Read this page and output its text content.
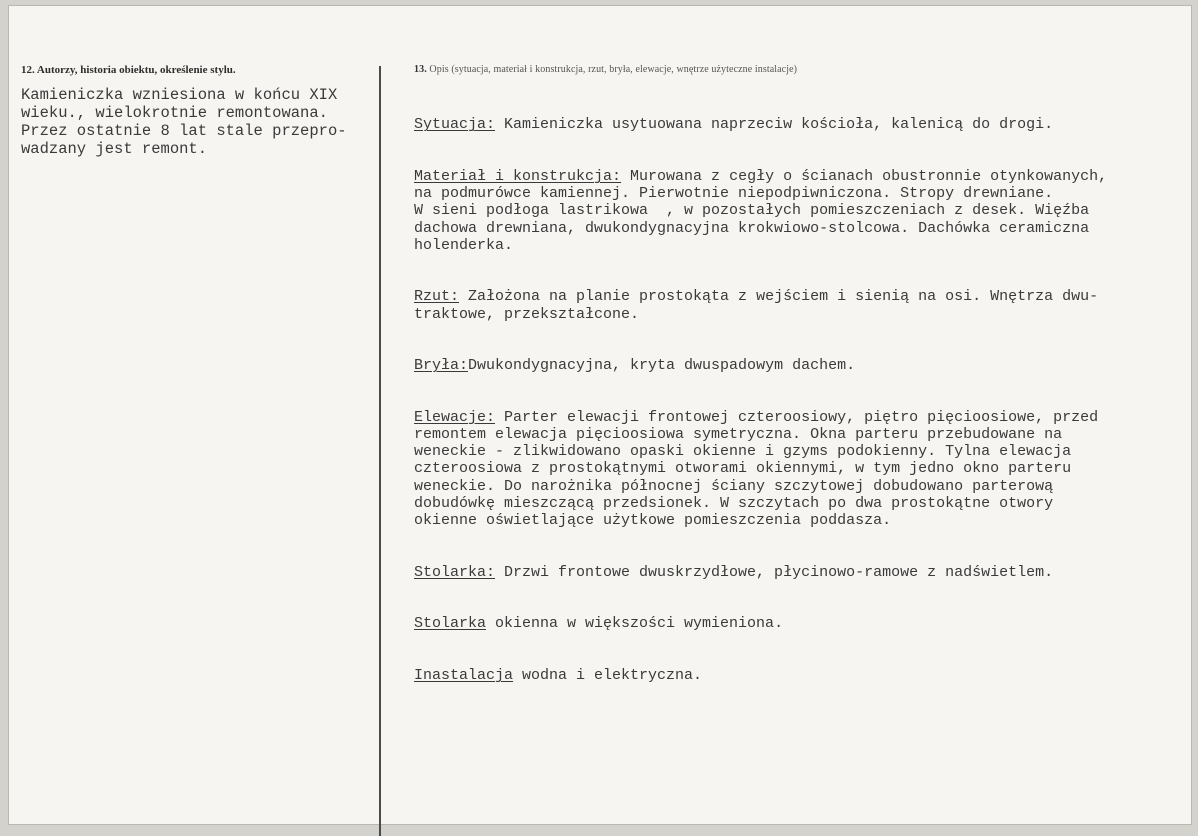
12. Autorzy, historia obiektu, określenie stylu.
Kamieniczka wzniesiona w końcu XIX
wieku., wielokrotnie remontowana.
Przez ostatnie 8 lat stale przepro-
wadzany jest remont.
13. Opis (sytuacja, materiał i konstrukcja, rzut, bryła, elewacje, wnętrze użyteczne instalacje)

Sytuacja: Kamieniczka usytuowana naprzeciw kościoła, kalenicą do drogi.

Materiał i konstrukcja: Murowana z cegły o ścianach obustronnie otynkowanych,
na podmurówce kamiennej. Pierwotnie niepodpiwniczona. Stropy drewniane.
W sieni podłoga lastrikowa  , w pozostałych pomieszczeniach z desek. Więźba
dachowa drewniana, dwukondygnacyjna krokwiowo-stolcowa. Dachówka ceramiczna
holenderka.

Rzut: Założona na planie prostokąta z wejściem i sienią na osi. Wnętrza dwu-
traktowe, przekształcone.

Bryła:Dwukondygnacyjna, kryta dwuspadowym dachem.

Elewacje: Parter elewacji frontowej czteroosiowy, piętro pięcioosiowe, przed
remontem elewacja pięcioosiowa symetryczna. Okna parteru przebudowane na
weneckie - zlikwidowano opaski okienne i gzyms podokienny. Tylna elewacja
czteroosiowa z prostokątnymi otworami okiennymi, w tym jedno okno parteru
weneckie. Do narożnika północnej ściany szczytowej dobudowano parterową
dobudówkę mieszczącą przedsionek. W szczytach po dwa prostokątne otwory
okienne oświetlające użytkowe pomieszczenia poddasza.

Stolarka: Drzwi frontowe dwuskrzydłowe, płycinowo-ramowe z nadświetlem.

Stolarka okienna w większości wymieniona.

Inastalacja wodna i elektryczna.
